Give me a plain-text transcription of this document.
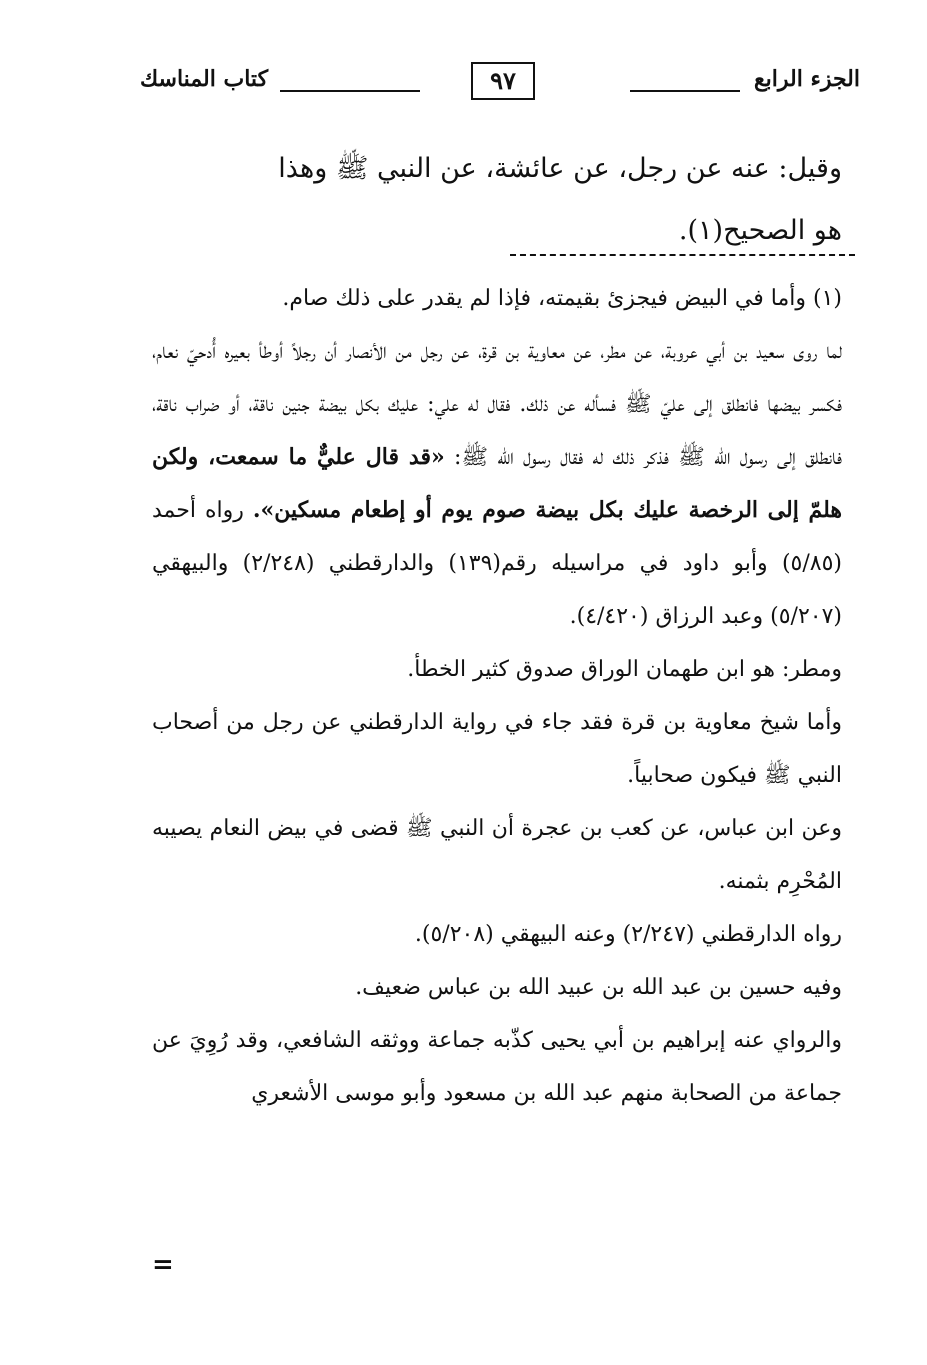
الجزء الرابع
٩٧
كتاب المناسك

وقيل: عنه عن رجل، عن عائشة، عن النبي ﷺ وهذا

هو الصحيح(١).

(١) وأما في البيض فيجزئ بقيمته، فإذا لم يقدر على ذلك صام.

لما روى سعيد بن أبي عروبة، عن مطر، عن معاوية بن قرة، عن رجل من الأنصار أن رجلاً أوطأ بعيره أُدحيّ نعام، فكسر بيضها فانطلق إلى عليّ ﷺ فسأله عن ذلك. فقال له علي: عليك بكل بيضة جنين ناقة، أو ضراب ناقة، فانطلق إلى رسول الله ﷺ فذكر ذلك له فقال رسول الله ﷺ: «قد قال عليٌّ ما سمعت، ولكن هلمّ إلى الرخصة عليك بكل بيضة صوم يوم أو إطعام مسكين». رواه أحمد (٥/٨٥) وأبو داود في مراسيله رقم(١٣٩) والدارقطني (٢/٢٤٨) والبيهقي (٥/٢٠٧) وعبد الرزاق (٤/٤٢٠).

ومطر: هو ابن طهمان الوراق صدوق كثير الخطأ.

وأما شيخ معاوية بن قرة فقد جاء في رواية الدارقطني عن رجل من أصحاب النبي ﷺ فيكون صحابياً.

وعن ابن عباس، عن كعب بن عجرة أن النبي ﷺ قضى في بيض النعام يصيبه المُحْرِم بثمنه.

رواه الدارقطني (٢/٢٤٧) وعنه البيهقي (٥/٢٠٨).

وفيه حسين بن عبد الله بن عبيد الله بن عباس ضعيف.

والرواي عنه إبراهيم بن أبي يحيى كذّبه جماعة ووثقه الشافعي، وقد رُوِيَ عن جماعة من الصحابة منهم عبد الله بن مسعود وأبو موسى الأشعري

=
